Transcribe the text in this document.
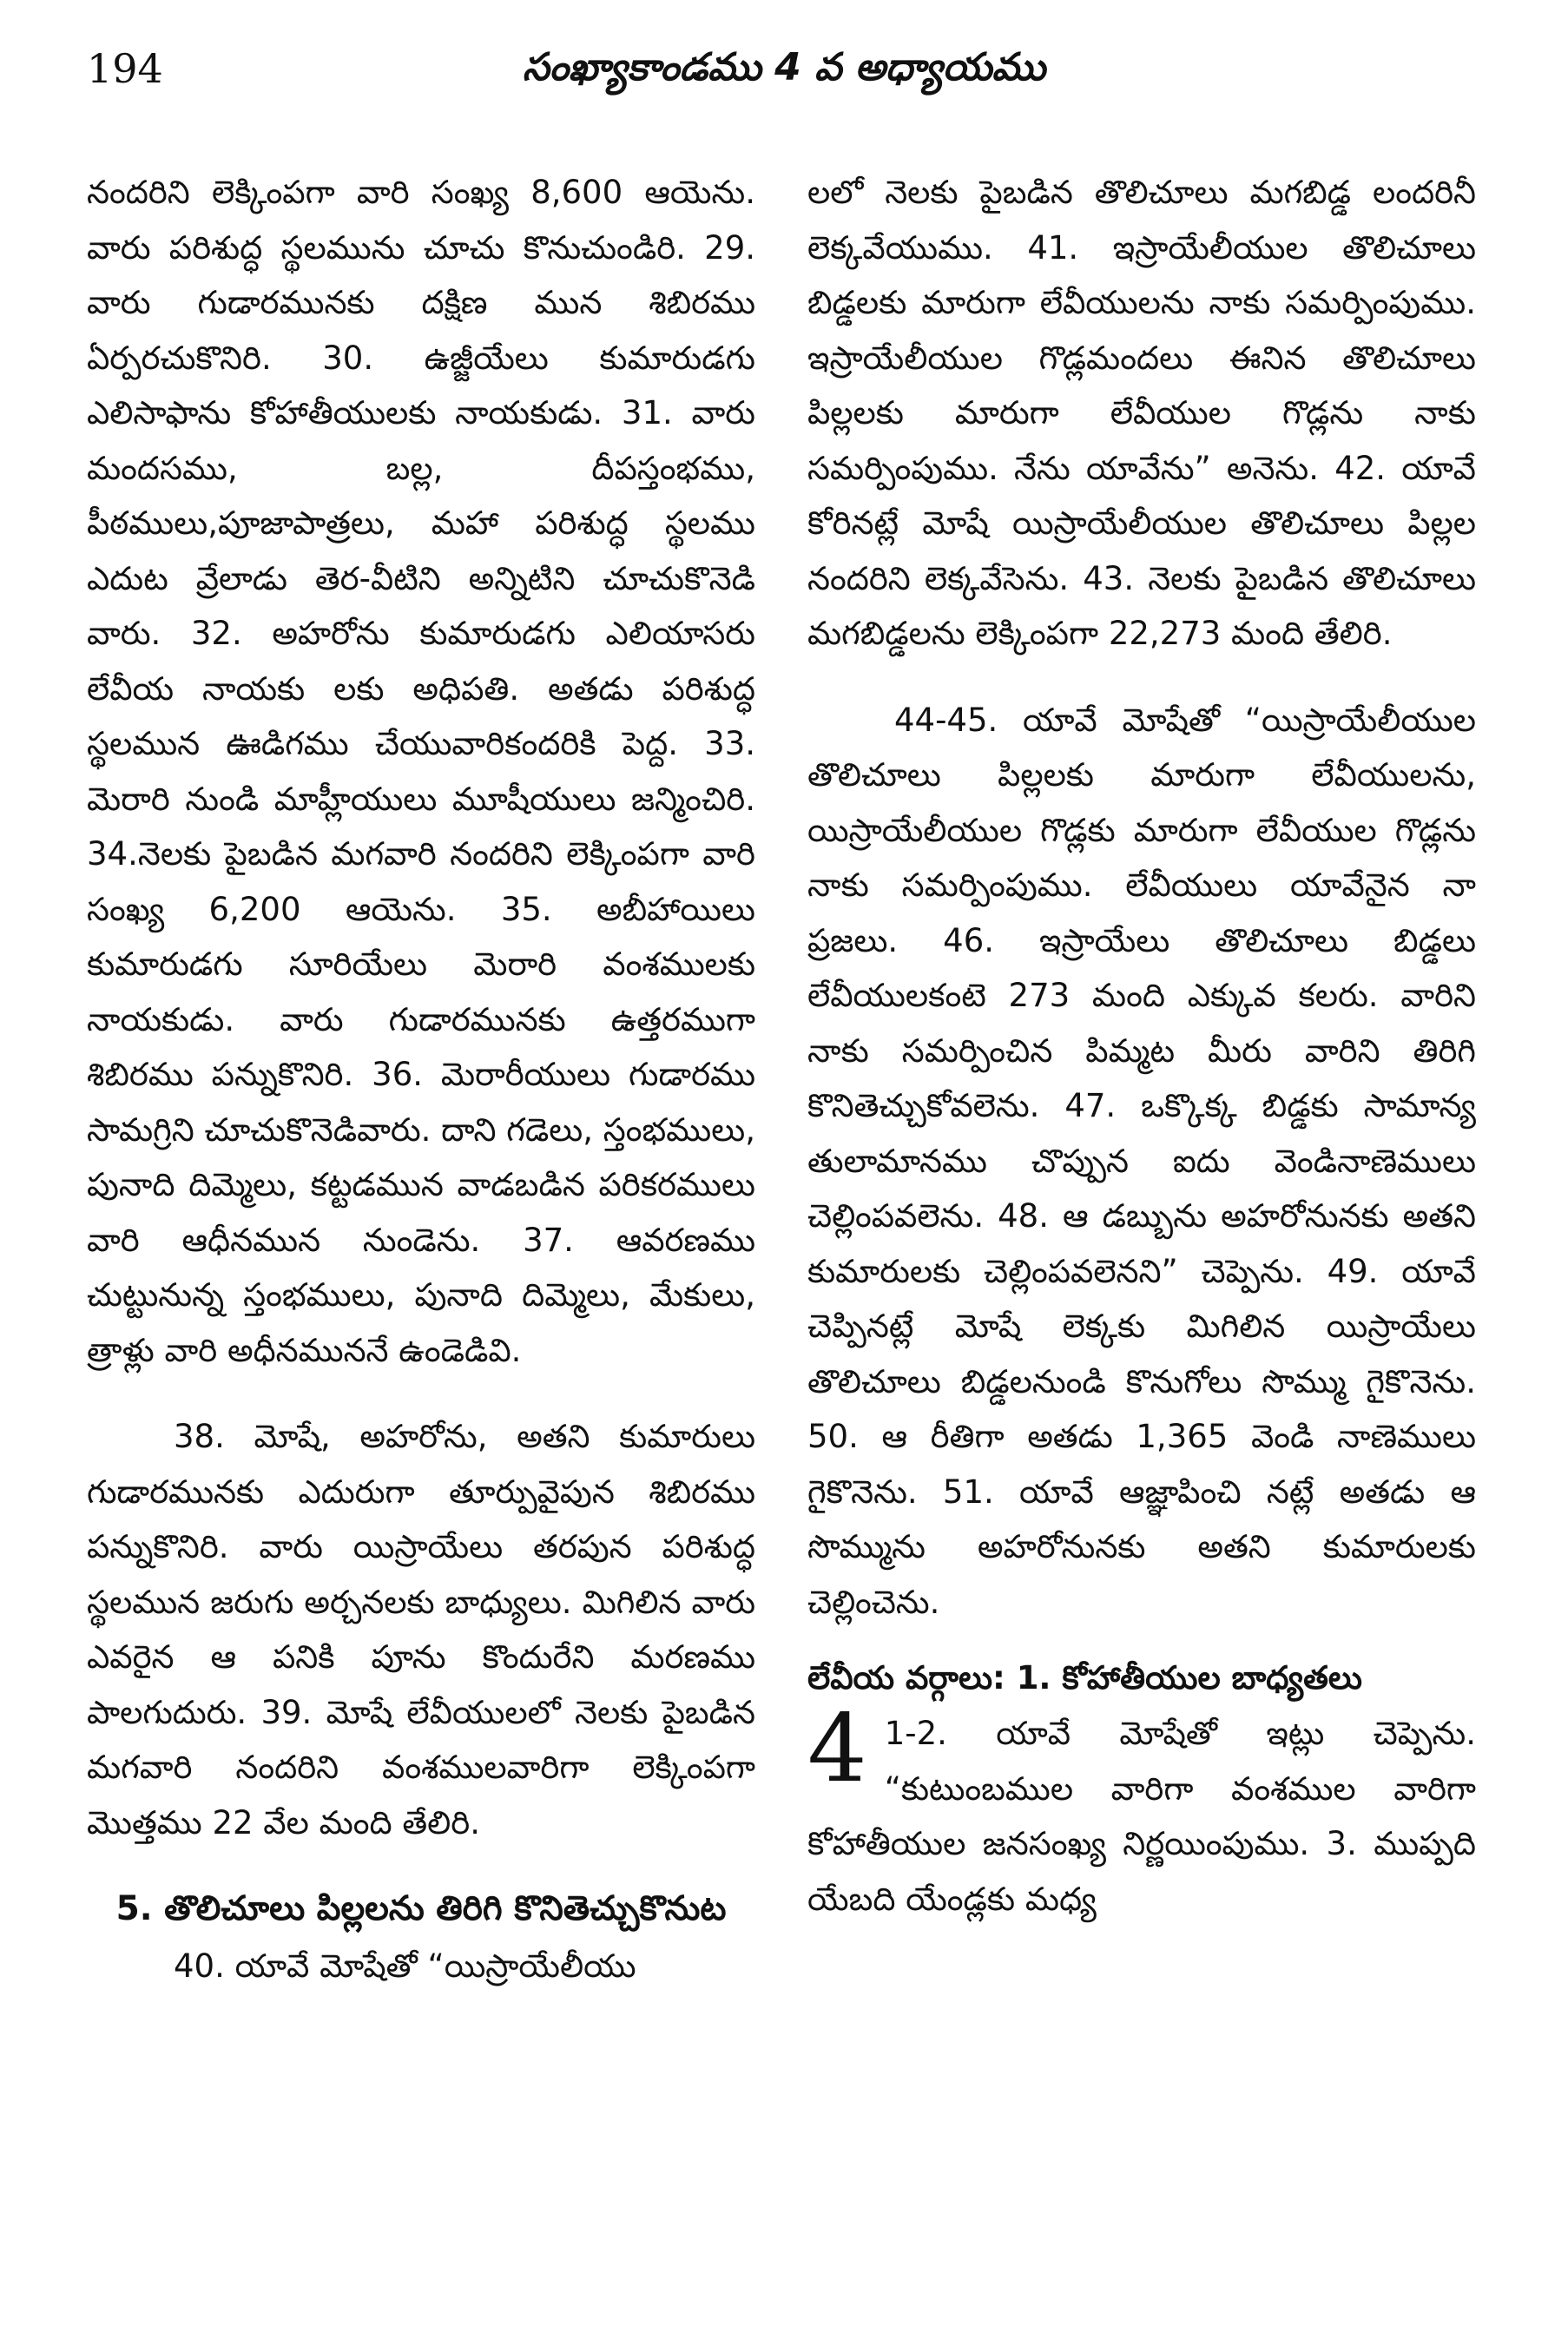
194	సంఖ్యాకాండము 4 వ అధ్యాయము

నందరిని లెక్కింపగా వారి సంఖ్య 8,600 ఆయెను. వారు పరిశుద్ధ స్థలమును చూచు కొనుచుండిరి. 29. వారు గుడారమునకు దక్షిణ మున శిబిరము ఏర్పరచుకొనిరి. 30. ఉజ్జీయేలు కుమారుడగు ఎలిసాఫాను కోహాతీయులకు నాయకుడు. 31. వారు మందసము, బల్ల, దీపస్తంభము, పీఠములు,పూజాపాత్రలు, మహా పరిశుద్ధ స్థలము ఎదుట వ్రేలాడు తెర-వీటిని అన్నిటిని చూచుకొనెడి వారు. 32. అహరోను కుమారుడగు ఎలియాసరు లేవీయ నాయకు లకు అధిపతి. అతడు పరిశుద్ధ స్థలమున ఊడిగము చేయువారికందరికి పెద్ద. 33. మెరారి నుండి మాహ్లీయులు మూషీయులు జన్మించిరి. 34.నెలకు పైబడిన మగవారి నందరిని లెక్కింపగా వారి సంఖ్య 6,200 ఆయెను. 35. అబీహాయిలు కుమారుడగు సూరియేలు మెరారి వంశములకు నాయకుడు. వారు గుడారమునకు ఉత్తరముగా శిబిరము పన్నుకొనిరి. 36. మెరారీయులు గుడారము సామగ్రిని చూచుకొనెడివారు. దాని గడెలు, స్తంభములు, పునాది దిమ్మెలు, కట్టడమున వాడబడిన పరికరములు వారి ఆధీనమున నుండెను. 37. ఆవరణము చుట్టునున్న స్తంభములు, పునాది దిమ్మెలు, మేకులు, త్రాళ్లు వారి అధీనముననే ఉండెడివి.

38. మోషే, అహరోను, అతని కుమారులు గుడారమునకు ఎదురుగా తూర్పువైపున శిబిరము పన్నుకొనిరి. వారు యిస్రాయేలు తరపున పరిశుద్ధ స్థలమున జరుగు అర్చనలకు బాధ్యులు. మిగిలిన వారు ఎవరైన ఆ పనికి పూను కొందురేని మరణము పాలగుదురు. 39. మోషే లేవీయులలో నెలకు పైబడిన మగవారి నందరిని వంశములవారిగా లెక్కింపగా మొత్తము 22 వేల మంది తేలిరి.

5. తొలిచూలు పిల్లలను తిరిగి కొనితెచ్చుకొనుట

40. యావే మోషేతో “యిస్రాయేలీయు

లలో నెలకు పైబడిన తొలిచూలు మగబిడ్డ లందరినీ లెక్కవేయుము. 41. ఇస్రాయేలీయుల తొలిచూలు బిడ్డలకు మారుగా లేవీయులను నాకు సమర్పింపుము. ఇస్రాయేలీయుల గొడ్లమందలు ఈనిన తొలిచూలు పిల్లలకు మారుగా లేవీయుల గొడ్లను నాకు సమర్పింపుము. నేను యావేను” అనెను. 42. యావే కోరినట్లే మోషే యిస్రాయేలీయుల తొలిచూలు పిల్లల నందరిని లెక్కవేసెను. 43. నెలకు పైబడిన తొలిచూలు మగబిడ్డలను లెక్కింపగా 22,273 మంది తేలిరి.

44-45. యావే మోషేతో “యిస్రాయేలీయుల తొలిచూలు పిల్లలకు మారుగా లేవీయులను, యిస్రాయేలీయుల గొడ్లకు మారుగా లేవీయుల గొడ్లను నాకు సమర్పింపుము. లేవీయులు యావేనైన నా ప్రజలు. 46. ఇస్రాయేలు తొలిచూలు బిడ్డలు లేవీయులకంటె 273 మంది ఎక్కువ కలరు. వారిని నాకు సమర్పించిన పిమ్మట మీరు వారిని తిరిగి కొనితెచ్చుకోవలెను. 47. ఒక్కొక్క బిడ్డకు సామాన్య తులామానము చొప్పున ఐదు వెండినాణెములు చెల్లింపవలెను. 48. ఆ డబ్బును అహరోనునకు అతని కుమారులకు చెల్లింపవలెనని” చెప్పెను. 49. యావే చెప్పినట్లే మోషే లెక్కకు మిగిలిన యిస్రాయేలు తొలిచూలు బిడ్డలనుండి కొనుగోలు సొమ్ము గైకొనెను. 50. ఆ రీతిగా అతడు 1,365 వెండి నాణెములు గైకొనెను. 51. యావే ఆజ్ఞాపించి నట్లే అతడు ఆ సొమ్మును అహరోనునకు అతని కుమారులకు చెల్లించెను.

లేవీయ వర్గాలు: 1. కోహాతీయుల బాధ్యతలు
4 1-2. యావే మోషేతో ఇట్లు చెప్పెను. “కుటుంబముల వారిగా వంశముల వారిగా కోహాతీయుల జనసంఖ్య నిర్ణయింపుము. 3. ముప్పది యేబది యేండ్లకు మధ్య
